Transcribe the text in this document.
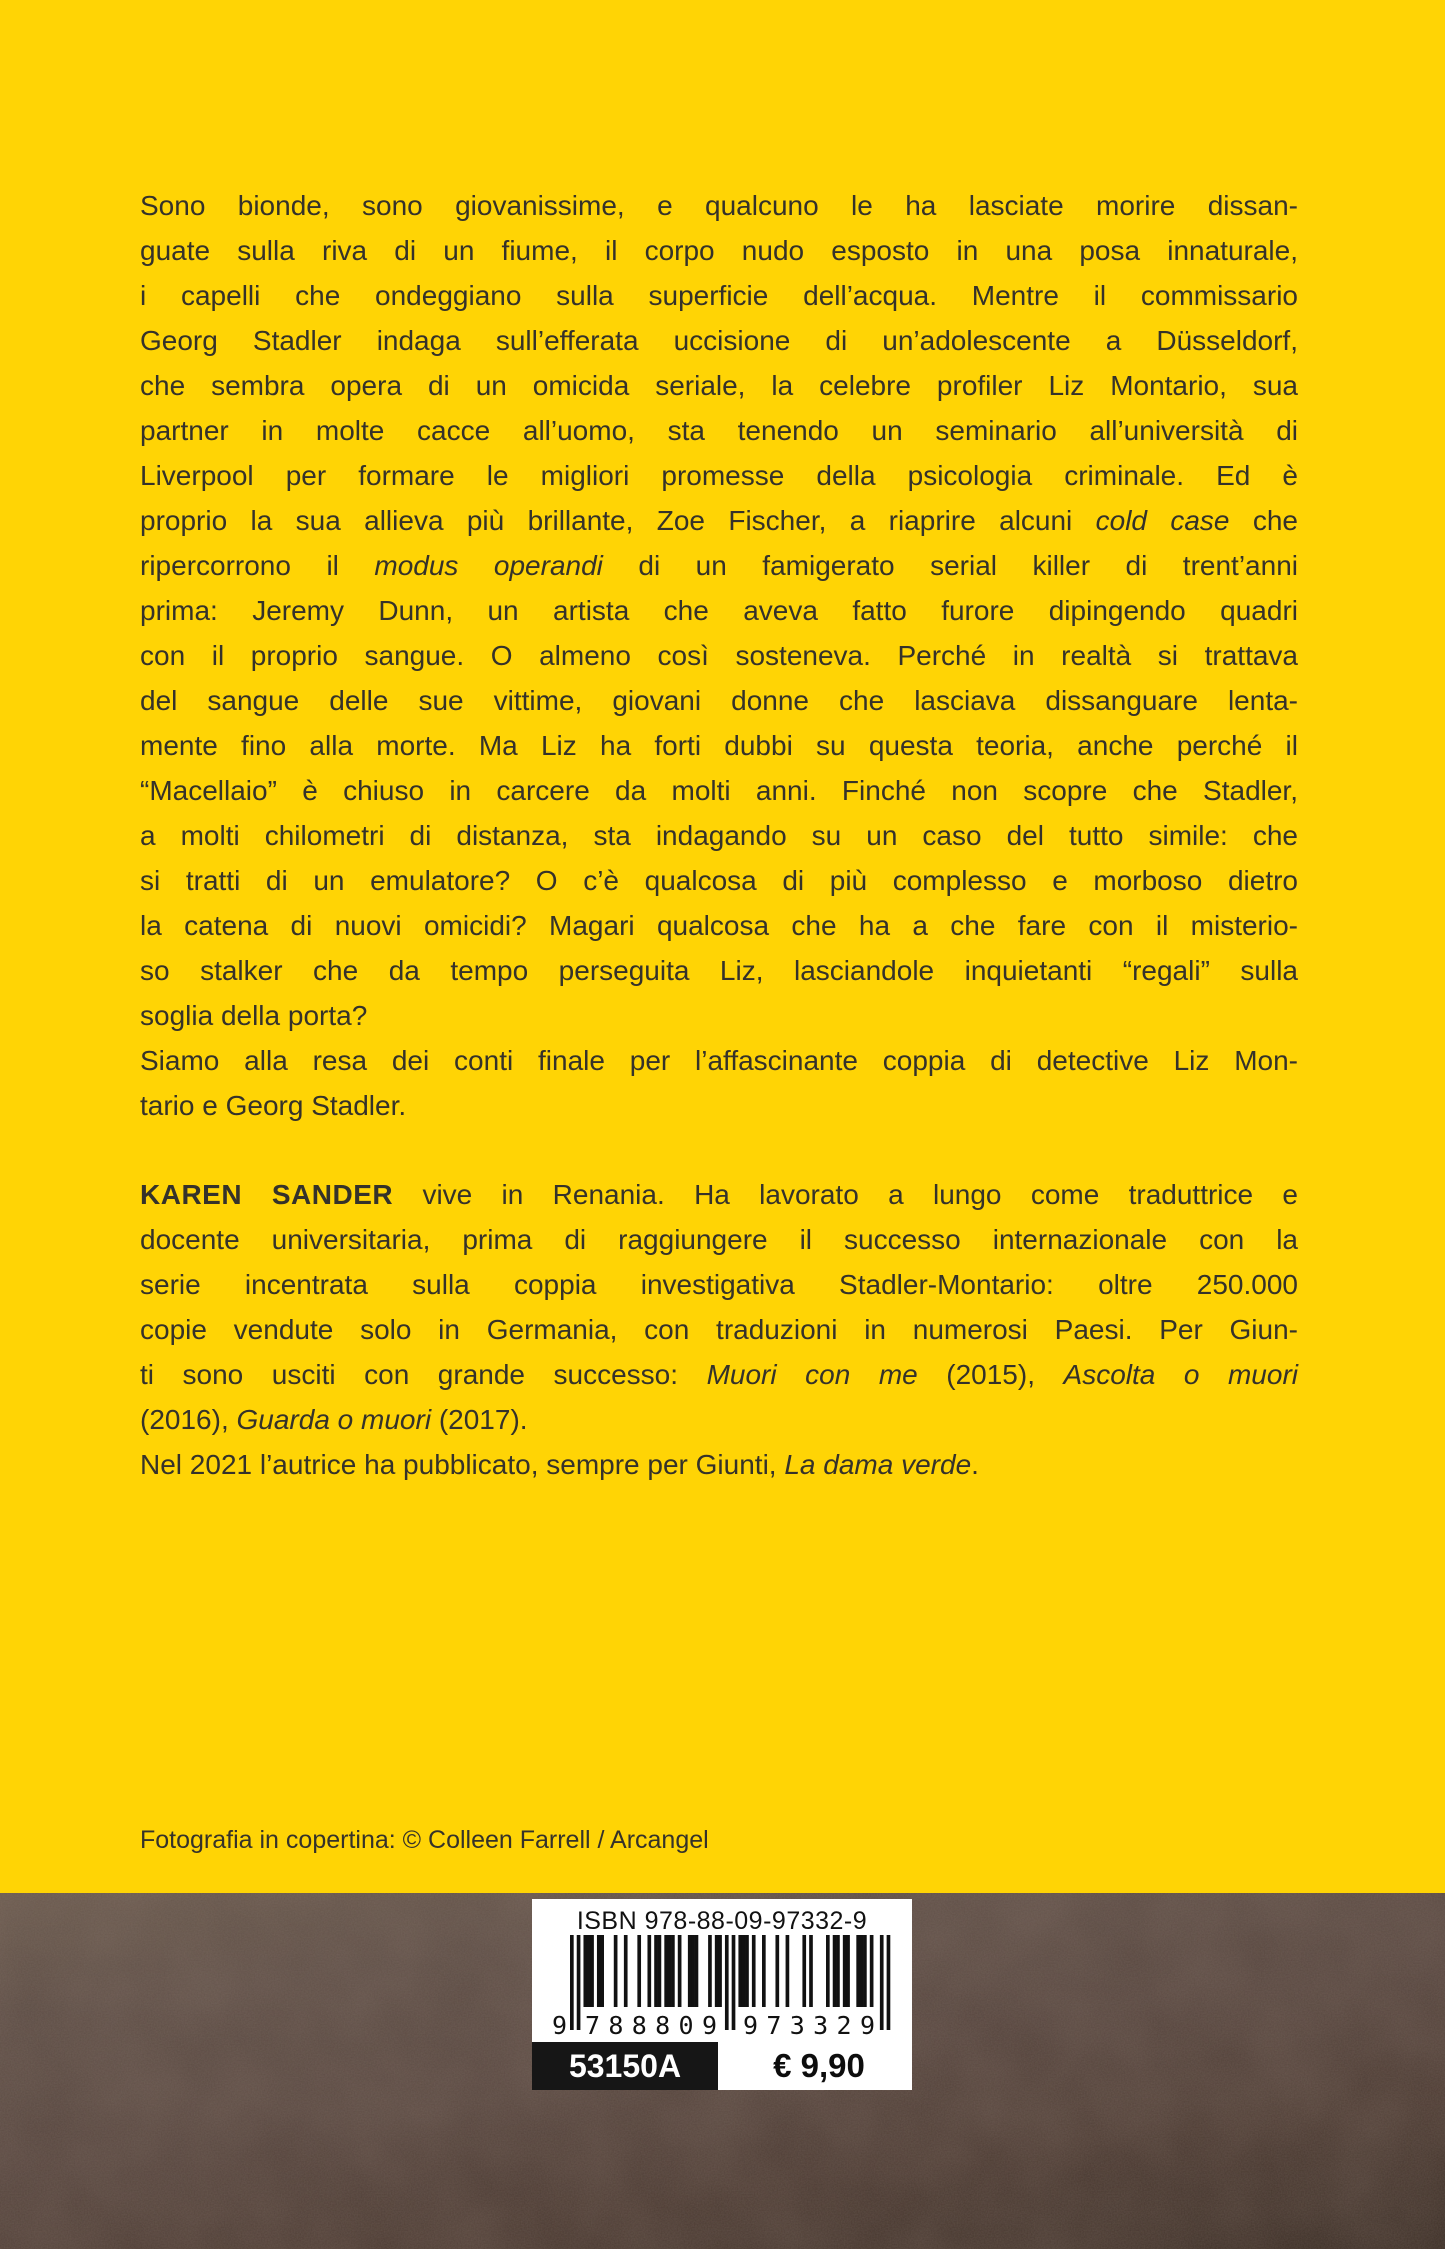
Sono bionde, sono giovanissime, e qualcuno le ha lasciate morire dissan-
guate sulla riva di un fiume, il corpo nudo esposto in una posa innaturale,
i capelli che ondeggiano sulla superficie dell’acqua. Mentre il commissario
Georg Stadler indaga sull’efferata uccisione di un’adolescente a Düsseldorf,
che sembra opera di un omicida seriale, la celebre profiler Liz Montario, sua
partner in molte cacce all’uomo, sta tenendo un seminario all’università di
Liverpool per formare le migliori promesse della psicologia criminale. Ed è
proprio la sua allieva più brillante, Zoe Fischer, a riaprire alcuni cold case che
ripercorrono il modus operandi di un famigerato serial killer di trent’anni
prima: Jeremy Dunn, un artista che aveva fatto furore dipingendo quadri
con il proprio sangue. O almeno così sosteneva. Perché in realtà si trattava
del sangue delle sue vittime, giovani donne che lasciava dissanguare lenta-
mente fino alla morte. Ma Liz ha forti dubbi su questa teoria, anche perché il
“Macellaio” è chiuso in carcere da molti anni. Finché non scopre che Stadler,
a molti chilometri di distanza, sta indagando su un caso del tutto simile: che
si tratti di un emulatore? O c’è qualcosa di più complesso e morboso dietro
la catena di nuovi omicidi? Magari qualcosa che ha a che fare con il misterio-
so stalker che da tempo perseguita Liz, lasciandole inquietanti “regali” sulla
soglia della porta?
Siamo alla resa dei conti finale per l’affascinante coppia di detective Liz Mon-
tario e Georg Stadler.
KAREN SANDER vive in Renania. Ha lavorato a lungo come traduttrice e
docente universitaria, prima di raggiungere il successo internazionale con la
serie incentrata sulla coppia investigativa Stadler-Montario: oltre 250.000
copie vendute solo in Germania, con traduzioni in numerosi Paesi. Per Giun-
ti sono usciti con grande successo: Muori con me (2015), Ascolta o muori
(2016), Guarda o muori (2017).
Nel 2021 l’autrice ha pubblicato, sempre per Giunti, La dama verde.
Fotografia in copertina: © Colleen Farrell / Arcangel
ISBN 978-88-09-97332-9
9 788809 973329
53150A	€ 9,90
